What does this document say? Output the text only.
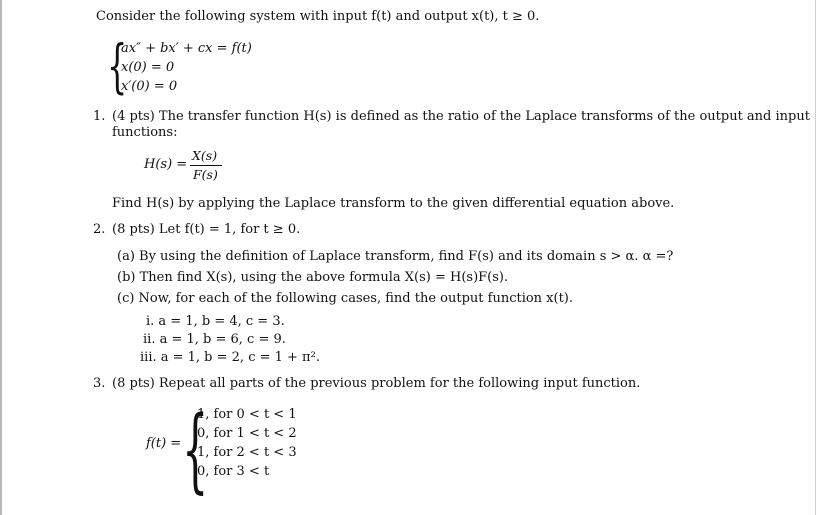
Consider the following system with input f(t) and output x(t), t ≥ 0.
{
ax″ + bx′ + cx = f(t)
x(0) = 0
x′(0) = 0
1. (4 pts) The transfer function H(s) is defined as the ratio of the Laplace transforms of the output and input
functions:
H(s) =
X(s)
F(s)
Find H(s) by applying the Laplace transform to the given differential equation above.
2. (8 pts) Let f(t) = 1, for t ≥ 0.
(a) By using the definition of Laplace transform, find F(s) and its domain s > α. α =?
(b) Then find X(s), using the above formula X(s) = H(s)F(s).
(c) Now, for each of the following cases, find the output function x(t).
i. a = 1, b = 4, c = 3.
ii. a = 1, b = 6, c = 9.
iii. a = 1, b = 2, c = 1 + π².
3. (8 pts) Repeat all parts of the previous problem for the following input function.
f(t) = {
1, for 0 < t < 1
0, for 1 < t < 2
1, for 2 < t < 3
0, for 3 < t
